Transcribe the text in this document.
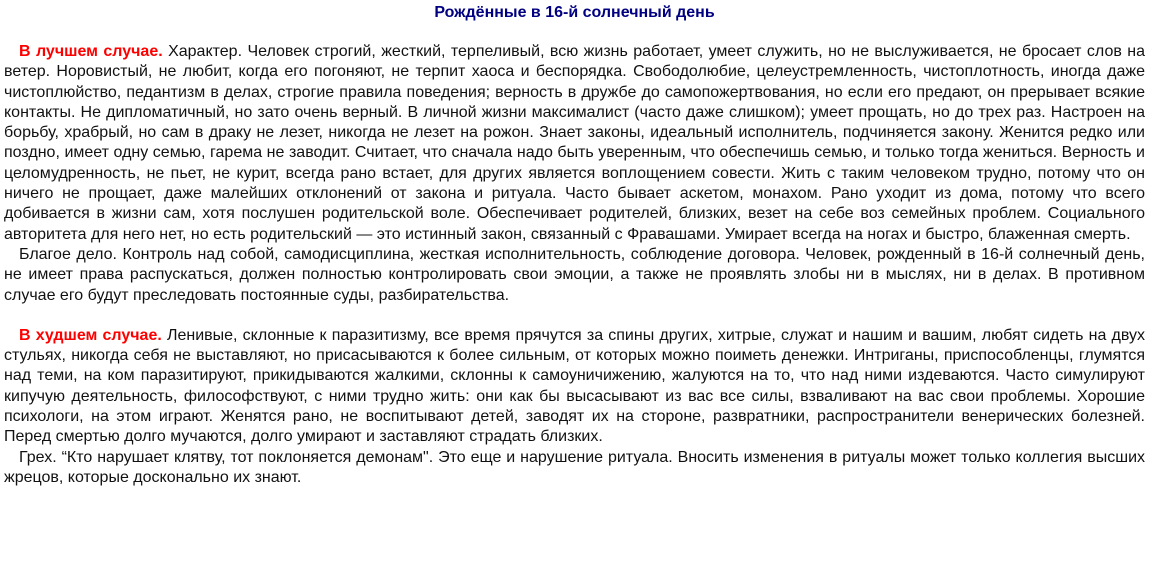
Рождённые в 16-й солнечный день

В лучшем случае. Характер. Человек строгий, жесткий, терпеливый, всю жизнь работает, умеет служить, но не выслуживается, не бросает слов на ветер. Норовистый, не любит, когда его погоняют, не терпит хаоса и беспорядка. Свободолюбие, целеустремленность, чистоплотность, иногда даже чистоплюйство, педантизм в делах, строгие правила поведения; верность в дружбе до самопожертвования, но если его предают, он прерывает всякие контакты. Не дипломатичный, но зато очень верный. В личной жизни максималист (часто даже слишком); умеет прощать, но до трех раз. Настроен на борьбу, храбрый, но сам в драку не лезет, никогда не лезет на рожон. Знает законы, идеальный исполнитель, подчиняется закону. Женится редко или поздно, имеет одну семью, гарема не заводит. Считает, что сначала надо быть уверенным, что обеспечишь семью, и только тогда жениться. Верность и целомудренность, не пьет, не курит, всегда рано встает, для других является воплощением совести. Жить с таким человеком трудно, потому что он ничего не прощает, даже малейших отклонений от закона и ритуала. Часто бывает аскетом, монахом. Рано уходит из дома, потому что всего добивается в жизни сам, хотя послушен родительской воле. Обеспечивает родителей, близких, везет на себе воз семейных проблем. Социального авторитета для него нет, но есть родительский — это истинный закон, связанный с Фравашами. Умирает всегда на ногах и быстро, блаженная смерть.

Благое дело. Контроль над собой, самодисциплина, жесткая исполнительность, соблюдение договора. Человек, рожденный в 16-й солнечный день, не имеет права распускаться, должен полностью контролировать свои эмоции, а также не проявлять злобы ни в мыслях, ни в делах. В противном случае его будут преследовать постоянные суды, разбирательства.

В худшем случае. Ленивые, склонные к паразитизму, все время прячутся за спины других, хитрые, служат и нашим и вашим, любят сидеть на двух стульях, никогда себя не выставляют, но присасываются к более сильным, от которых можно поиметь денежки. Интриганы, приспособленцы, глумятся над теми, на ком паразитируют, прикидываются жалкими, склонны к самоуничижению, жалуются на то, что над ними издеваются. Часто симулируют кипучую деятельность, философствуют, с ними трудно жить: они как бы высасывают из вас все силы, взваливают на вас свои проблемы. Хорошие психологи, на этом играют. Женятся рано, не воспитывают детей, заводят их на стороне, развратники, распространители венерических болезней. Перед смертью долго мучаются, долго умирают и заставляют страдать близких.

Грех. “Кто нарушает клятву, тот поклоняется демонам". Это еще и нарушение ритуала. Вносить изменения в ритуалы может только коллегия высших жрецов, которые досконально их знают.
